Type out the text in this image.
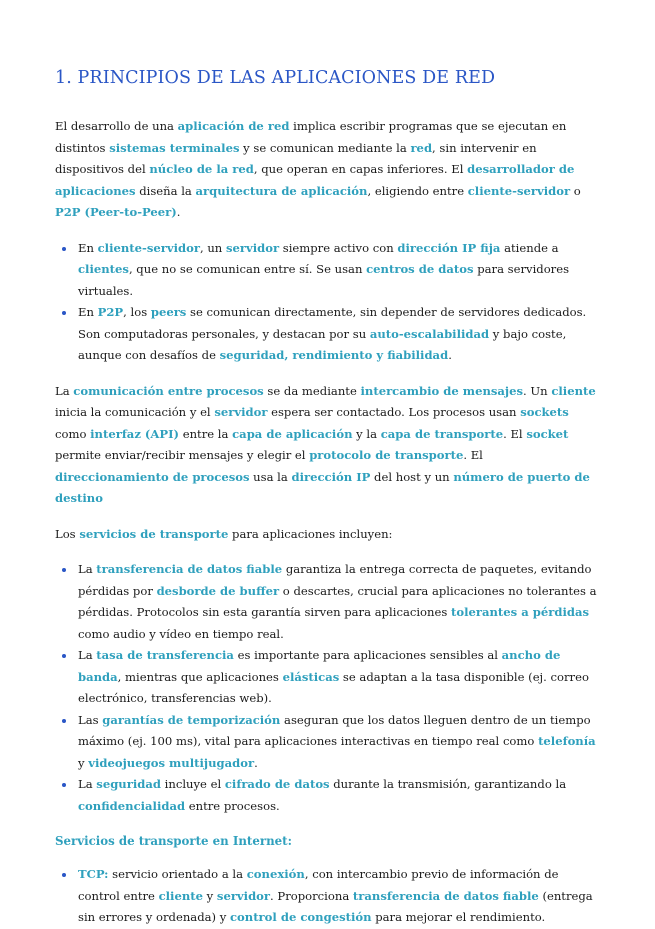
1. PRINCIPIOS DE LAS APLICACIONES DE RED

El desarrollo de una aplicación de red implica escribir programas que se ejecutan en distintos sistemas terminales y se comunican mediante la red, sin intervenir en dispositivos del núcleo de la red, que operan en capas inferiores. El desarrollador de aplicaciones diseña la arquitectura de aplicación, eligiendo entre cliente-servidor o P2P (Peer-to-Peer).

• En cliente-servidor, un servidor siempre activo con dirección IP fija atiende a clientes, que no se comunican entre sí. Se usan centros de datos para servidores virtuales.
• En P2P, los peers se comunican directamente, sin depender de servidores dedicados. Son computadoras personales, y destacan por su auto-escalabilidad y bajo coste, aunque con desafíos de seguridad, rendimiento y fiabilidad.

La comunicación entre procesos se da mediante intercambio de mensajes. Un cliente inicia la comunicación y el servidor espera ser contactado. Los procesos usan sockets como interfaz (API) entre la capa de aplicación y la capa de transporte. El socket permite enviar/recibir mensajes y elegir el protocolo de transporte. El direccionamiento de procesos usa la dirección IP del host y un número de puerto de destino

Los servicios de transporte para aplicaciones incluyen:

• La transferencia de datos fiable garantiza la entrega correcta de paquetes, evitando pérdidas por desborde de buffer o descartes, crucial para aplicaciones no tolerantes a pérdidas. Protocolos sin esta garantía sirven para aplicaciones tolerantes a pérdidas como audio y vídeo en tiempo real.
• La tasa de transferencia es importante para aplicaciones sensibles al ancho de banda, mientras que aplicaciones elásticas se adaptan a la tasa disponible (ej. correo electrónico, transferencias web).
• Las garantías de temporización aseguran que los datos lleguen dentro de un tiempo máximo (ej. 100 ms), vital para aplicaciones interactivas en tiempo real como telefonía y videojuegos multijugador.
• La seguridad incluye el cifrado de datos durante la transmisión, garantizando la confidencialidad entre procesos.
Servicios de transporte en Internet:
• TCP: servicio orientado a la conexión, con intercambio previo de información de control entre cliente y servidor. Proporciona transferencia de datos fiable (entrega sin errores y ordenada) y control de congestión para mejorar el rendimiento.
